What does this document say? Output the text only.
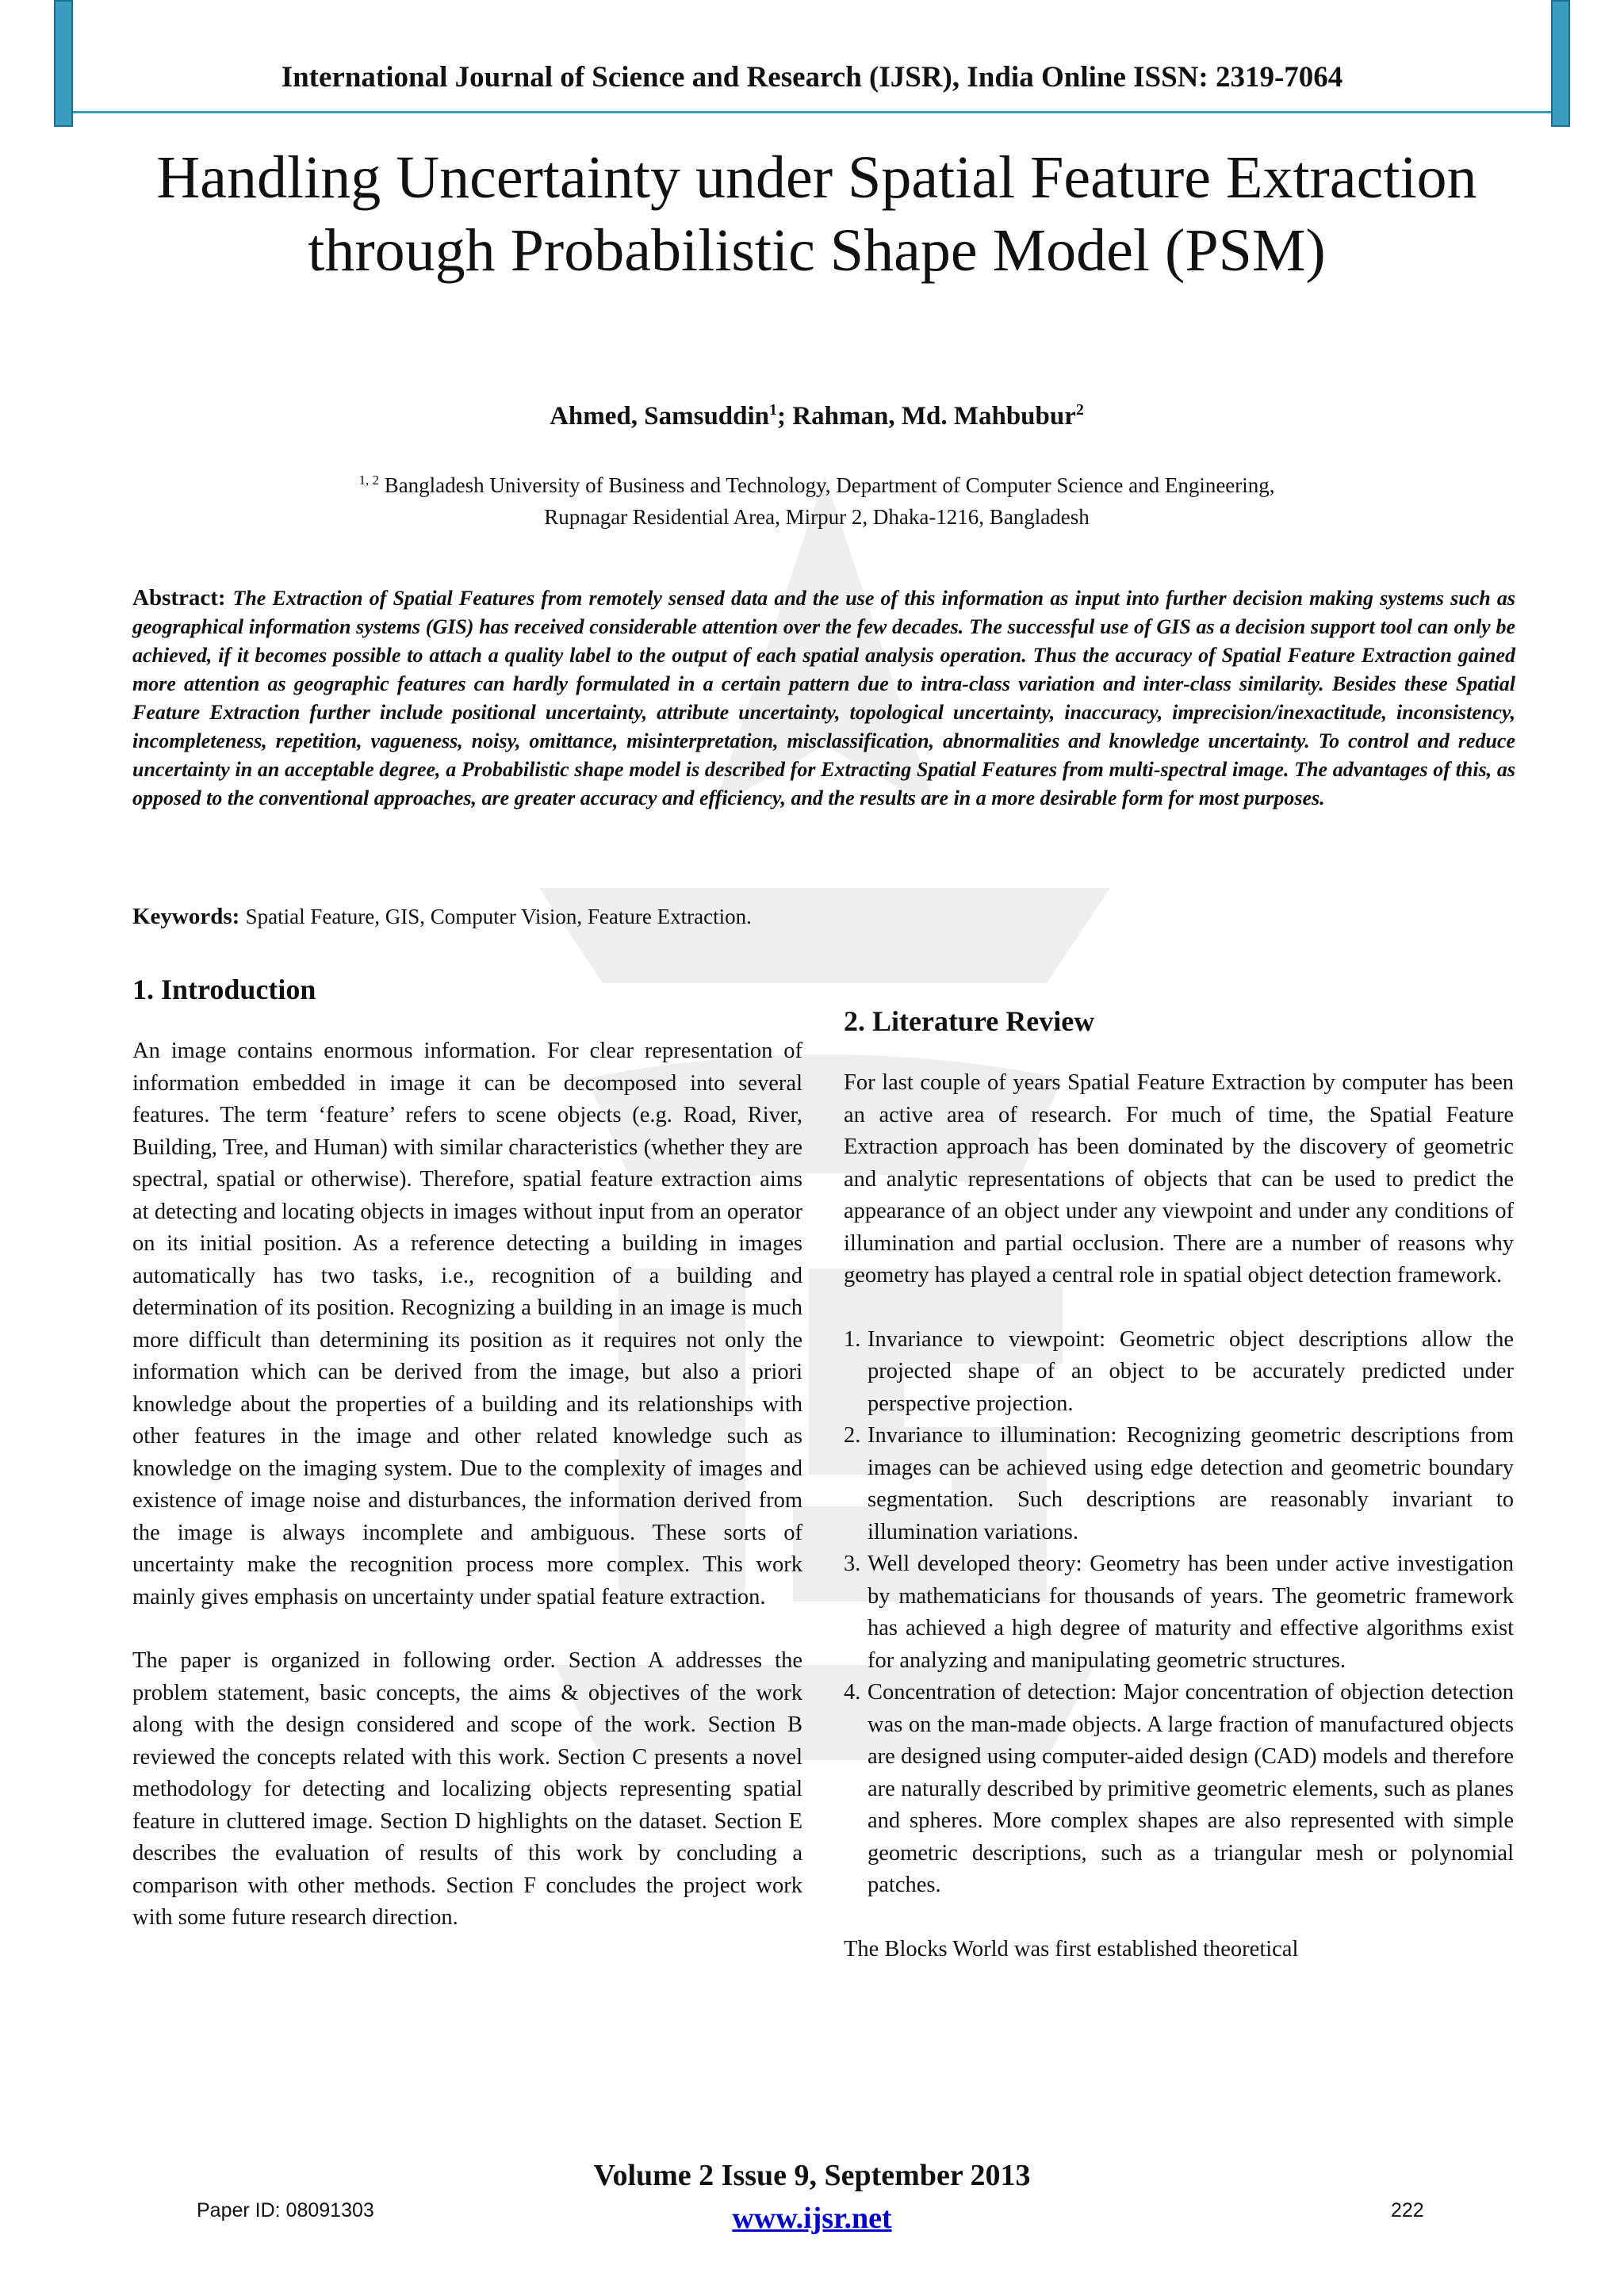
International Journal of Science and Research (IJSR), India Online ISSN: 2319-7064
Handling Uncertainty under Spatial Feature Extraction through Probabilistic Shape Model (PSM)
Ahmed, Samsuddin$^1$; Rahman, Md. Mahbubur$^2$
$^{1, 2}$ Bangladesh University of Business and Technology, Department of Computer Science and Engineering,
Rupnagar Residential Area, Mirpur 2, Dhaka-1216, Bangladesh

Abstract: The Extraction of Spatial Features from remotely sensed data and the use of this information as input into further decision making systems such as geographical information systems (GIS) has received considerable attention over the few decades. The successful use of GIS as a decision support tool can only be achieved, if it becomes possible to attach a quality label to the output of each spatial analysis operation. Thus the accuracy of Spatial Feature Extraction gained more attention as geographic features can hardly formulated in a certain pattern due to intra-class variation and inter-class similarity. Besides these Spatial Feature Extraction further include positional uncertainty, attribute uncertainty, topological uncertainty, inaccuracy, imprecision/inexactitude, inconsistency, incompleteness, repetition, vagueness, noisy, omittance, misinterpretation, misclassification, abnormalities and knowledge uncertainty. To control and reduce uncertainty in an acceptable degree, a Probabilistic shape model is described for Extracting Spatial Features from multi-spectral image. The advantages of this, as opposed to the conventional approaches, are greater accuracy and efficiency, and the results are in a more desirable form for most purposes.

Keywords: Spatial Feature, GIS, Computer Vision, Feature Extraction.
1. Introduction

An image contains enormous information. For clear representation of information embedded in image it can be decomposed into several features. The term ‘feature’ refers to scene objects (e.g. Road, River, Building, Tree, and Human) with similar characteristics (whether they are spectral, spatial or otherwise). Therefore, spatial feature extraction aims at detecting and locating objects in images without input from an operator on its initial position. As a reference detecting a building in images automatically has two tasks, i.e., recognition of a building and determination of its position. Recognizing a building in an image is much more difficult than determining its position as it requires not only the information which can be derived from the image, but also a priori knowledge about the properties of a building and its relationships with other features in the image and other related knowledge such as knowledge on the imaging system. Due to the complexity of images and existence of image noise and disturbances, the information derived from the image is always incomplete and ambiguous. These sorts of uncertainty make the recognition process more complex. This work mainly gives emphasis on uncertainty under spatial feature extraction.

The paper is organized in following order. Section A addresses the problem statement, basic concepts, the aims & objectives of the work along with the design considered and scope of the work. Section B reviewed the concepts related with this work. Section C presents a novel methodology for detecting and localizing objects representing spatial feature in cluttered image. Section D highlights on the dataset. Section E describes the evaluation of results of this work by concluding a comparison with other methods. Section F concludes the project work with some future research direction.

2. Literature Review

For last couple of years Spatial Feature Extraction by computer has been an active area of research. For much of time, the Spatial Feature Extraction approach has been dominated by the discovery of geometric and analytic representations of objects that can be used to predict the appearance of an object under any viewpoint and under any conditions of illumination and partial occlusion. There are a number of reasons why geometry has played a central role in spatial object detection framework.

1. Invariance to viewpoint: Geometric object descriptions allow the projected shape of an object to be accurately predicted under perspective projection.
2. Invariance to illumination: Recognizing geometric descriptions from images can be achieved using edge detection and geometric boundary segmentation. Such descriptions are reasonably invariant to illumination variations.
3. Well developed theory: Geometry has been under active investigation by mathematicians for thousands of years. The geometric framework has achieved a high degree of maturity and effective algorithms exist for analyzing and manipulating geometric structures.
4. Concentration of detection: Major concentration of objection detection was on the man-made objects. A large fraction of manufactured objects are designed using computer-aided design (CAD) models and therefore are naturally described by primitive geometric elements, such as planes and spheres. More complex shapes are also represented with simple geometric descriptions, such as a triangular mesh or polynomial patches.

The Blocks World was first established theoretical

Volume 2 Issue 9, September 2013
Paper ID: 08091303	www.ijsr.net	222
